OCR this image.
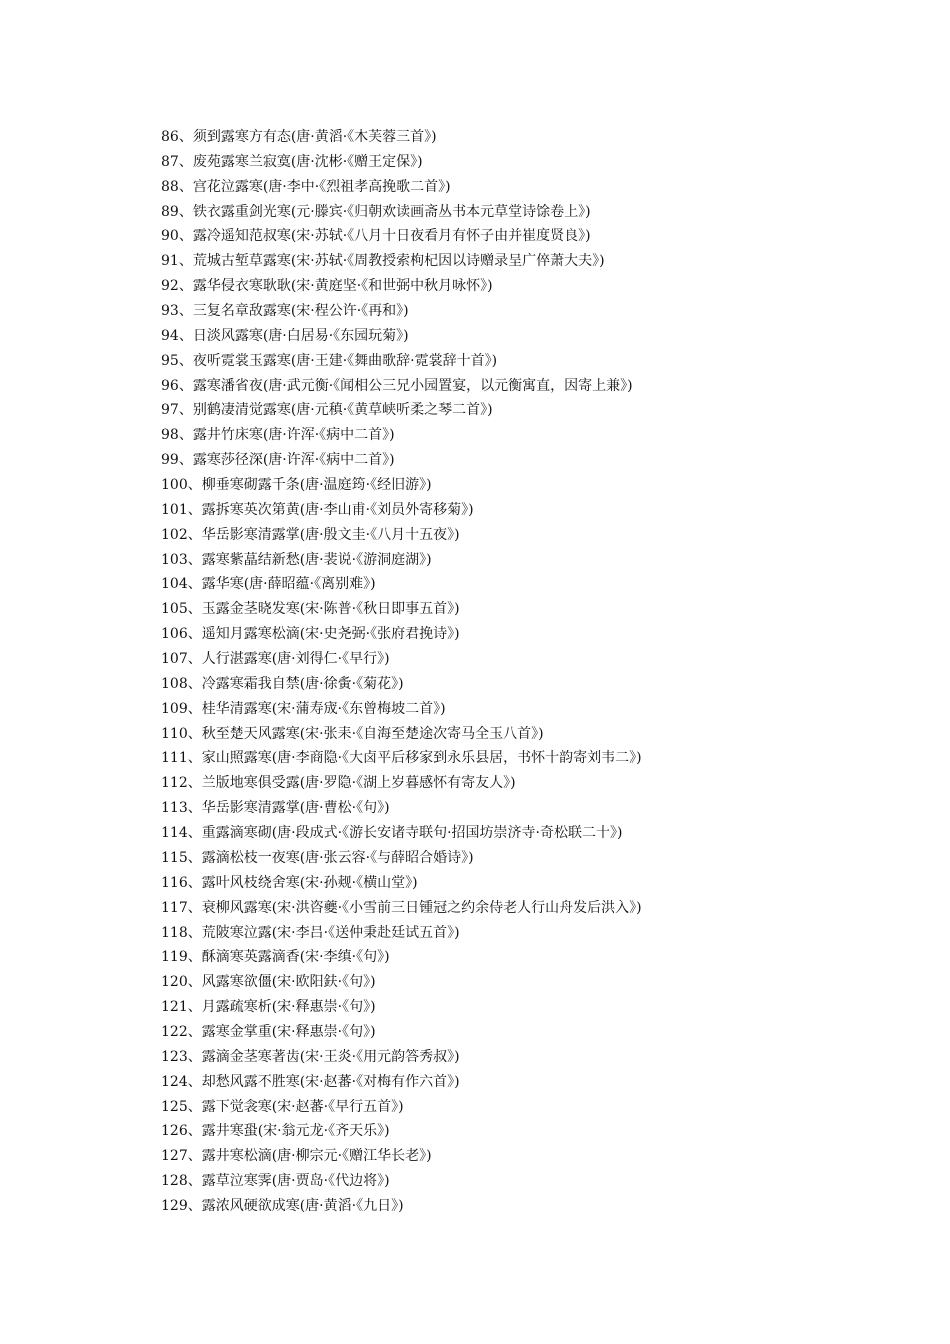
86、须到露寒方有态(唐·黄滔·《木芙蓉三首》)
87、废苑露寒兰寂寞(唐·沈彬·《赠王定保》)
88、宫花泣露寒(唐·李中·《烈祖孝高挽歌二首》)
89、铁衣露重剑光寒(元·滕宾·《归朝欢读画斋丛书本元草堂诗馀卷上》)
90、露冷遥知范叔寒(宋·苏轼·《八月十日夜看月有怀子由并崔度贤良》)
91、荒城古堑草露寒(宋·苏轼·《周教授索枸杞因以诗赠录呈广倅萧大夫》)
92、露华侵衣寒耿耿(宋·黄庭坚·《和世弼中秋月咏怀》)
93、三复名章敌露寒(宋·程公许·《再和》)
94、日淡风露寒(唐·白居易·《东园玩菊》)
95、夜听霓裳玉露寒(唐·王建·《舞曲歌辞·霓裳辞十首》)
96、露寒潘省夜(唐·武元衡·《闻相公三兄小园置宴，以元衡寓直，因寄上兼》)
97、别鹤凄清觉露寒(唐·元稹·《黄草峡听柔之琴二首》)
98、露井竹床寒(唐·许浑·《病中二首》)
99、露寒莎径深(唐·许浑·《病中二首》)
100、柳垂寒砌露千条(唐·温庭筠·《经旧游》)
101、露拆寒英次第黄(唐·李山甫·《刘员外寄移菊》)
102、华岳影寒清露掌(唐·殷文圭·《八月十五夜》)
103、露寒紫蕌结新愁(唐·裴说·《游洞庭湖》)
104、露华寒(唐·薛昭蕴·《离别难》)
105、玉露金茎晓发寒(宋·陈普·《秋日即事五首》)
106、遥知月露寒松滴(宋·史尧弼·《张府君挽诗》)
107、人行湛露寒(唐·刘得仁·《早行》)
108、冷露寒霜我自禁(唐·徐夤·《菊花》)
109、桂华清露寒(宋·蒲寿宬·《东曾梅坡二首》)
110、秋至楚天风露寒(宋·张耒·《自海至楚途次寄马全玉八首》)
111、家山照露寒(唐·李商隐·《大卤平后移家到永乐县居，书怀十韵寄刘韦二》)
112、兰版地寒俱受露(唐·罗隐·《湖上岁暮感怀有寄友人》)
113、华岳影寒清露掌(唐·曹松·《句》)
114、重露滴寒砌(唐·段成式·《游长安诸寺联句·招国坊崇济寺·奇松联二十》)
115、露滴松枝一夜寒(唐·张云容·《与薛昭合婚诗》)
116、露叶风枝绕舍寒(宋·孙觌·《横山堂》)
117、衰柳风露寒(宋·洪咨夔·《小雪前三日锺冠之约余侍老人行山舟发后洪入》)
118、荒陂寒泣露(宋·李吕·《送仲秉赴廷试五首》)
119、酥滴寒英露滴香(宋·李缜·《句》)
120、风露寒欲僵(宋·欧阳鈇·《句》)
121、月露疏寒析(宋·释惠崇·《句》)
122、露寒金掌重(宋·释惠崇·《句》)
123、露滴金茎寒著齿(宋·王炎·《用元韵答秀叔》)
124、却愁风露不胜寒(宋·赵蕃·《对梅有作六首》)
125、露下觉衾寒(宋·赵蕃·《早行五首》)
126、露井寒蛩(宋·翁元龙·《齐天乐》)
127、露井寒松滴(唐·柳宗元·《赠江华长老》)
128、露草泣寒霁(唐·贾岛·《代边将》)
129、露浓风硬欲成寒(唐·黄滔·《九日》)
